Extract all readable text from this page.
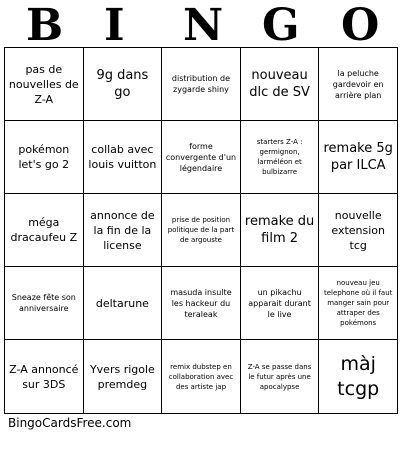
B I N G O
pas de nouvelles de Z-A	9g dans go	distribution de zygarde shiny	nouveau dlc de SV	la peluche gardevoir en arrière plan
pokémon let's go 2	collab avec louis vuitton	forme convergente d'un légendaire	starters Z-A : germignon, larméléon et bulbizarre	remake 5g par ILCA
méga dracaufeu Z	annonce de la fin de la license	prise de position politique de la part de argouste	remake du film 2	nouvelle extension tcg
Sneaze fête son anniversaire	deltarune	masuda insulte les hackeur du teraleak	un pikachu apparait durant le live	nouveau jeu telephone où il faut manger sain pour attraper des pokémons
Z-A annoncé sur 3DS	Yvers rigole premdeg	remix dubstep en collaboration avec des artiste jap	Z-A se passe dans le futur après une apocalypse	màj tcgp
BingoCardsFree.com
